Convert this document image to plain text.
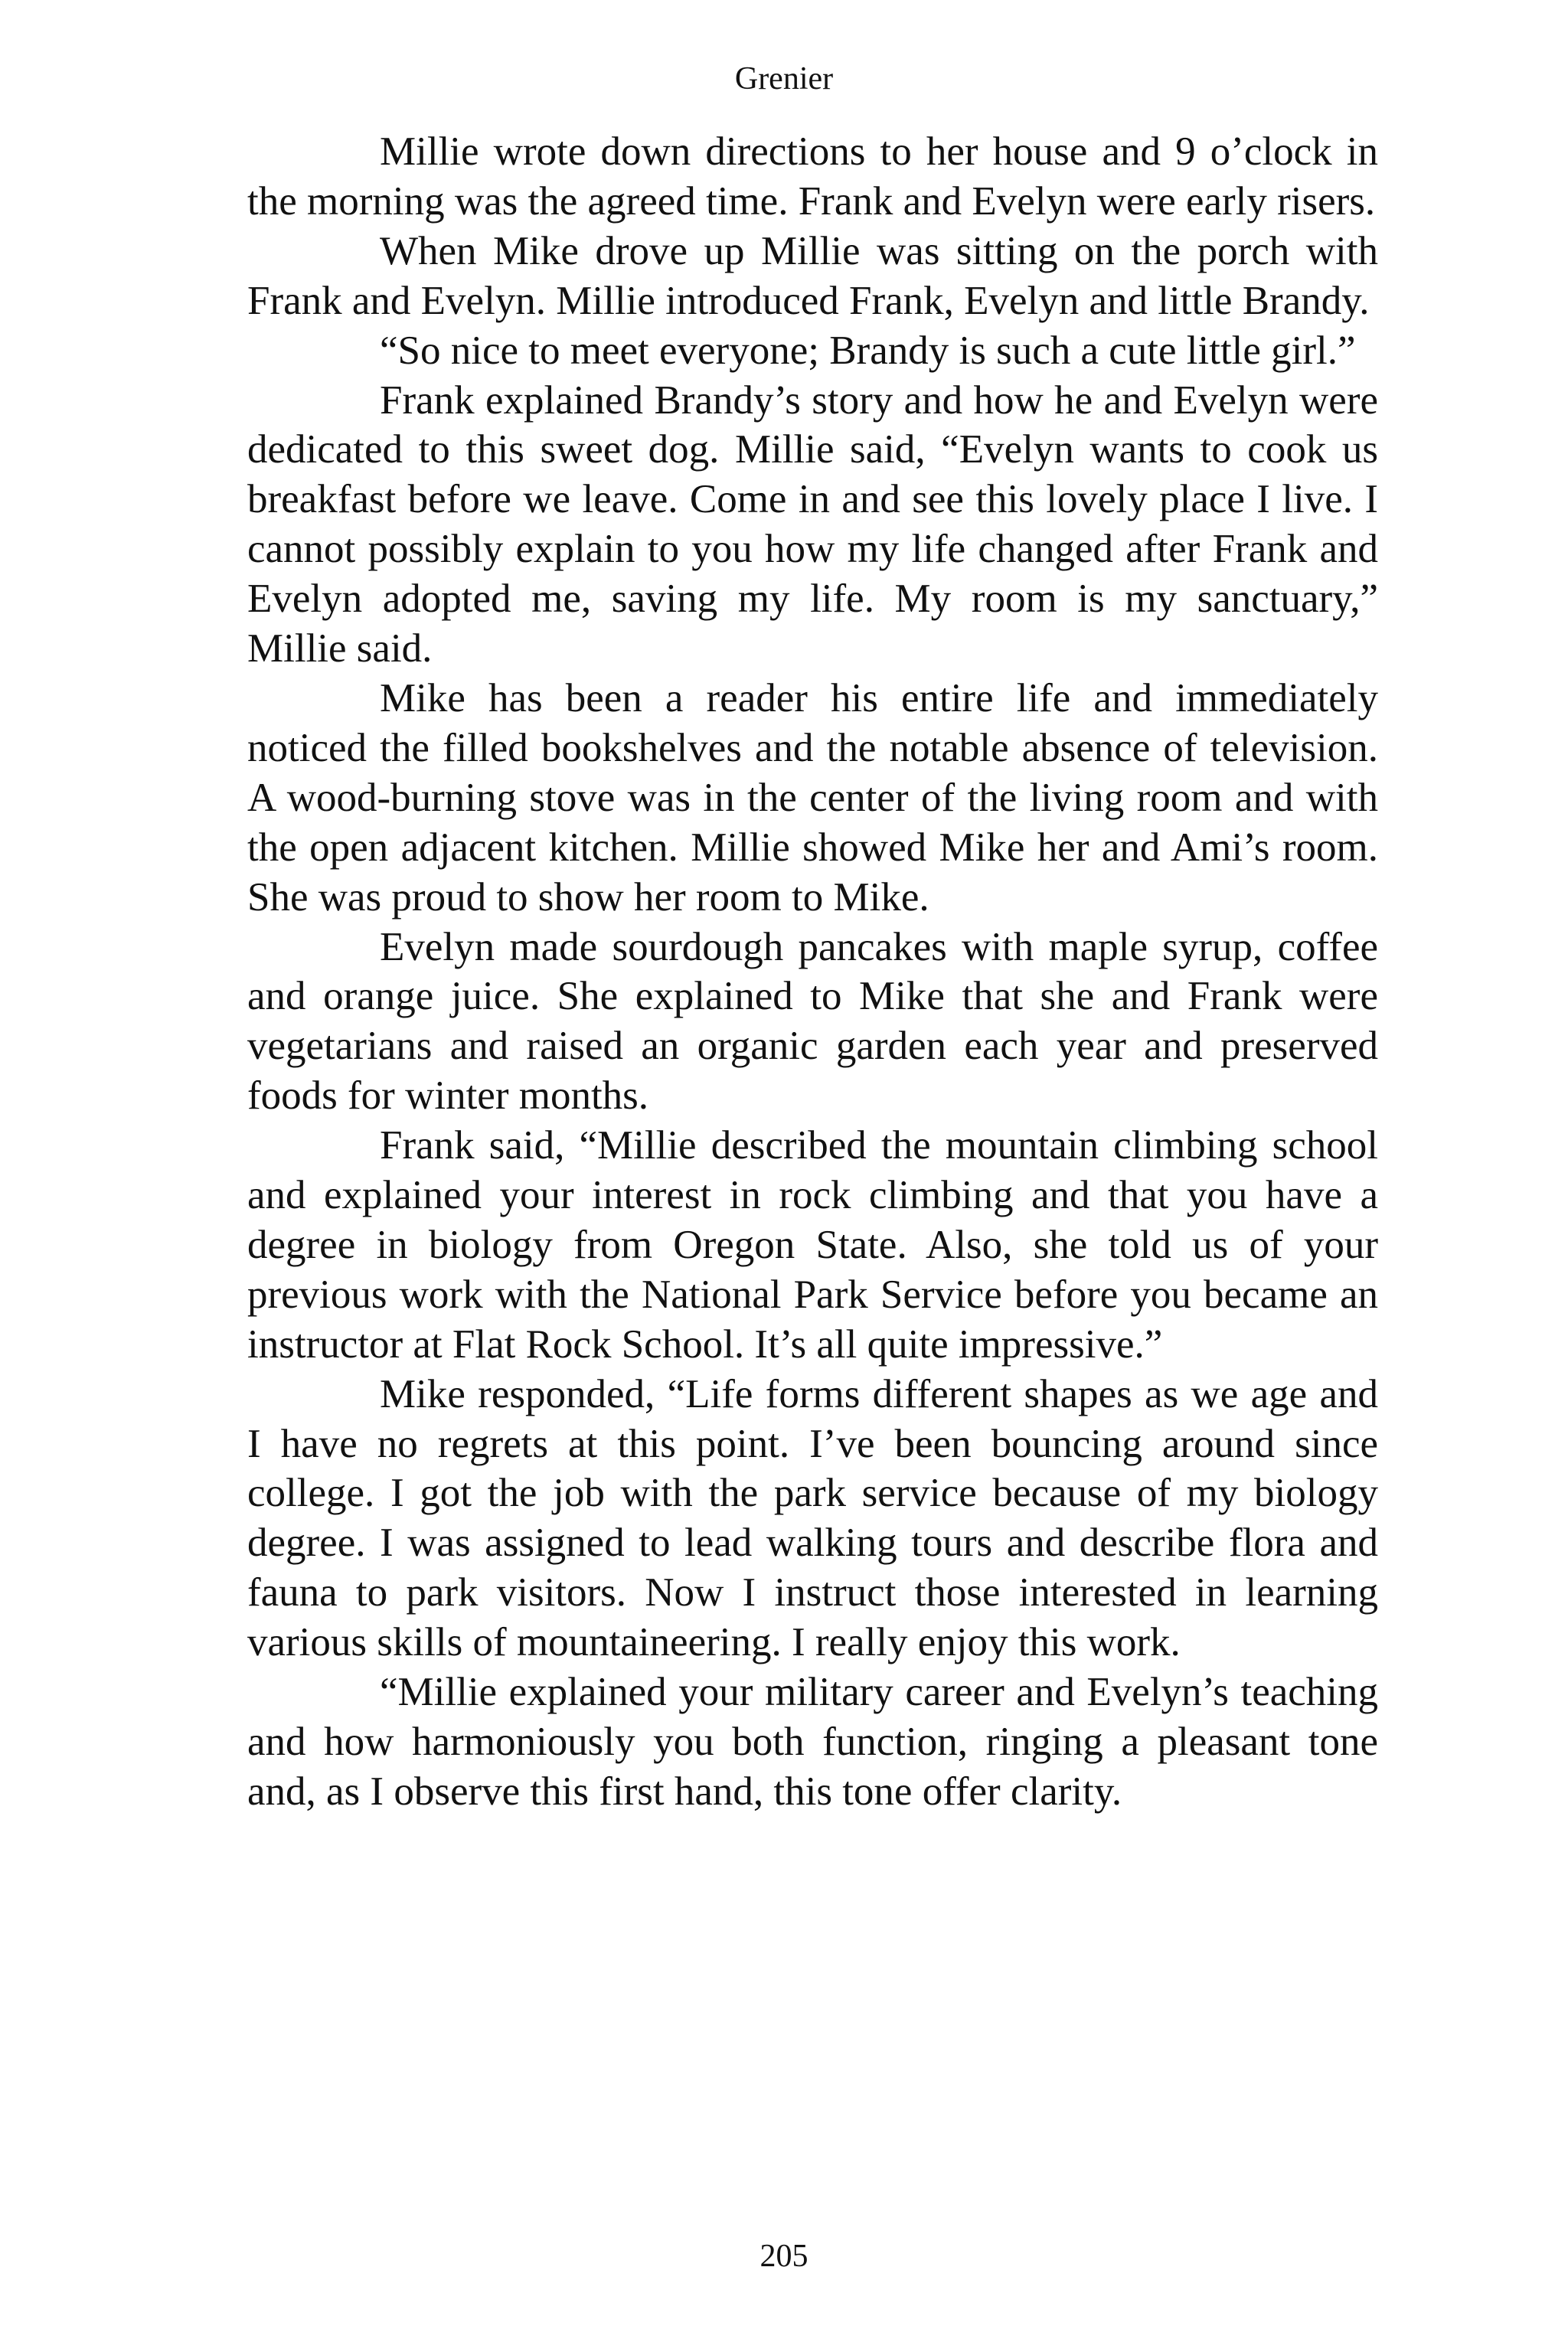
Grenier

Millie wrote down directions to her house and 9 o’clock in the morning was the agreed time. Frank and Evelyn were early risers.

When Mike drove up Millie was sitting on the porch with Frank and Evelyn. Millie introduced Frank, Evelyn and little Brandy.

“So nice to meet everyone; Brandy is such a cute little girl.”

Frank explained Brandy’s story and how he and Evelyn were dedicated to this sweet dog. Millie said, “Evelyn wants to cook us breakfast before we leave. Come in and see this lovely place I live. I cannot possibly explain to you how my life changed after Frank and Evelyn adopted me, saving my life. My room is my sanctuary,” Millie said.

Mike has been a reader his entire life and immediately noticed the filled bookshelves and the notable absence of television. A wood-burning stove was in the center of the living room and with the open adjacent kitchen. Millie showed Mike her and Ami’s room. She was proud to show her room to Mike.

Evelyn made sourdough pancakes with maple syrup, coffee and orange juice. She explained to Mike that she and Frank were vegetarians and raised an organic garden each year and preserved foods for winter months.

Frank said, “Millie described the mountain climbing school and explained your interest in rock climbing and that you have a degree in biology from Oregon State. Also, she told us of your previous work with the National Park Service before you became an instructor at Flat Rock School. It’s all quite impressive.”

Mike responded, “Life forms different shapes as we age and I have no regrets at this point. I’ve been bouncing around since college. I got the job with the park service because of my biology degree. I was assigned to lead walking tours and describe flora and fauna to park visitors. Now I instruct those interested in learning various skills of mountaineering. I really enjoy this work.

“Millie explained your military career and Evelyn’s teaching and how harmoniously you both function, ringing a pleasant tone and, as I observe this first hand, this tone offer clarity.

205
